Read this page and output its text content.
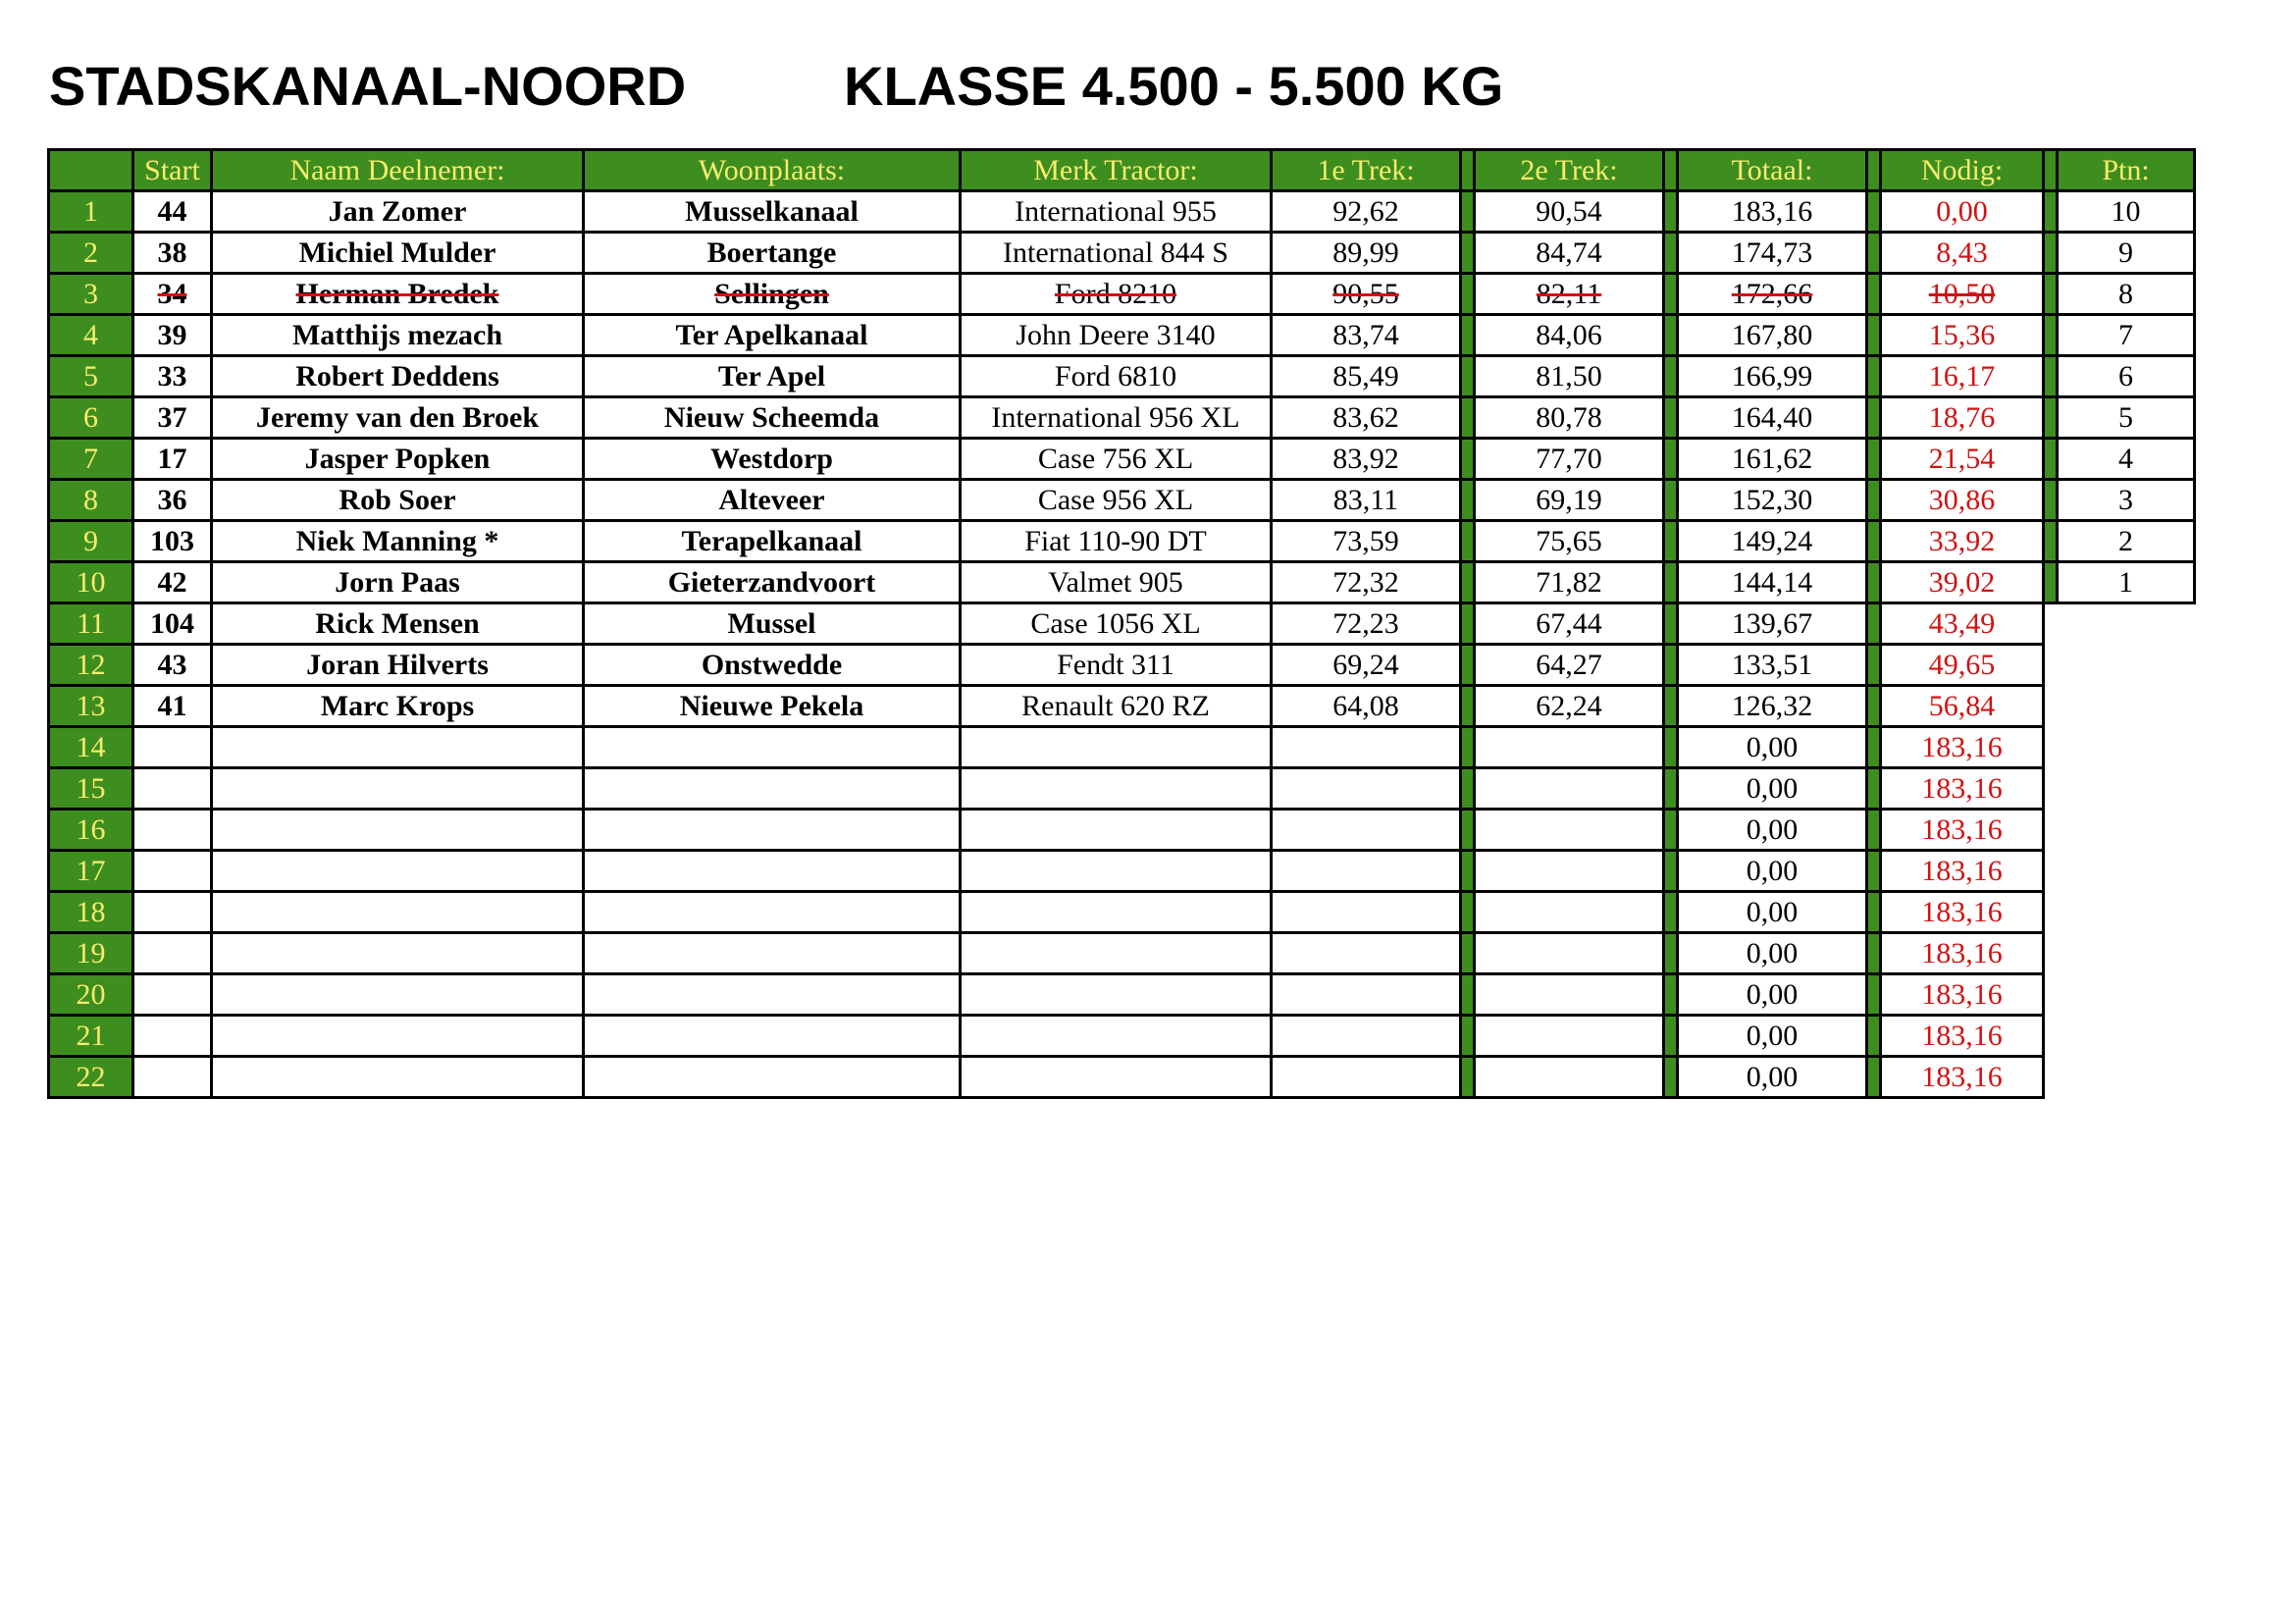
STADSKANAAL-NOORD	KLASSE 4.500 - 5.500 KG
	Start	Naam Deelnemer:	Woonplaats:	Merk Tractor:	1e Trek:		2e Trek:		Totaal:		Nodig:		Ptn:
1	44	Jan Zomer	Musselkanaal	International 955	92,62		90,54		183,16		0,00		10
2	38	Michiel Mulder	Boertange	International 844 S	89,99		84,74		174,73		8,43		9
3	34	Herman Bredek	Sellingen	Ford 8210	90,55		82,11		172,66		10,50		8
4	39	Matthijs mezach	Ter Apelkanaal	John Deere 3140	83,74		84,06		167,80		15,36		7
5	33	Robert Deddens	Ter Apel	Ford 6810	85,49		81,50		166,99		16,17		6
6	37	Jeremy van den Broek	Nieuw Scheemda	International 956 XL	83,62		80,78		164,40		18,76		5
7	17	Jasper Popken	Westdorp	Case 756 XL	83,92		77,70		161,62		21,54		4
8	36	Rob Soer	Alteveer	Case 956 XL	83,11		69,19		152,30		30,86		3
9	103	Niek Manning *	Terapelkanaal	Fiat 110-90 DT	73,59		75,65		149,24		33,92		2
10	42	Jorn Paas	Gieterzandvoort	Valmet 905	72,32		71,82		144,14		39,02		1
11	104	Rick Mensen	Mussel	Case 1056 XL	72,23		67,44		139,67		43,49		
12	43	Joran Hilverts	Onstwedde	Fendt 311	69,24		64,27		133,51		49,65		
13	41	Marc Krops	Nieuwe Pekela	Renault 620 RZ	64,08		62,24		126,32		56,84		
14									0,00		183,16		
15									0,00		183,16		
16									0,00		183,16		
17									0,00		183,16		
18									0,00		183,16		
19									0,00		183,16		
20									0,00		183,16		
21									0,00		183,16		
22									0,00		183,16		
